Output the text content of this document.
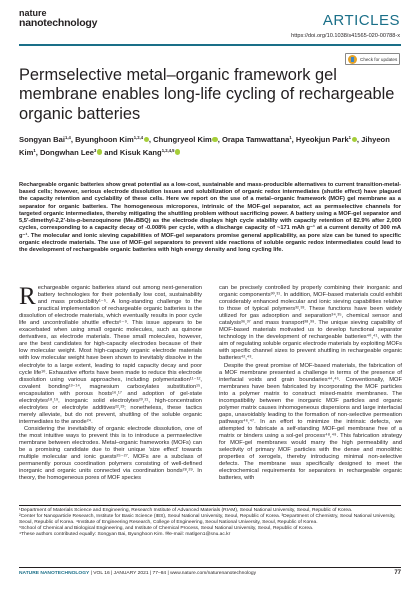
nature
nanotechnology	ARTICLES
https://doi.org/10.1038/s41565-020-00788-x
Check for updates
Permselective metal–organic framework gel membrane enables long-life cycling of rechargeable organic batteries
Songyan Bai$^{1,4}$, Byunghoon Kim$^{1,2,4}$ , Chungryeol Kim , Orapa Tamwattana$^1$, Hyeokjun Park$^1$ , Jihyeon Kim$^1$, Dongwhan Lee$^3$ and Kisuk Kang$^{1,2,4,5}$
Rechargeable organic batteries show great potential as a low-cost, sustainable and mass-producible alternatives to current transition-metal-based cells; however, serious electrode dissolution issues and solubilization of organic redox intermediates (shuttle effect) have plagued the capacity retention and cyclability of these cells. Here we report on the use of a metal–organic framework (MOF) gel membrane as a separator for organic batteries. The homogeneous micropores, intrinsic of the MOF-gel separator, act as permselective channels for targeted organic intermediates, thereby mitigating the shuttling problem without sacrificing power. A battery using a MOF-gel separator and 5,5′-dimethyl-2,2′-bis-p-benzoquinone (Me₂BBQ) as the electrode displays high cycle stability with capacity retention of 82.9% after 2,000 cycles, corresponding to a capacity decay of -0.008% per cycle, with a discharge capacity of ~171 mAh g⁻¹ at a current density of 300 mA g⁻¹. The molecular and ionic sieving capabilities of MOF-gel separators promise general applicability, as pore size can be tuned to specific organic electrode materials. The use of MOF-gel separators to prevent side reactions of soluble organic redox intermediates could lead to the development of rechargeable organic batteries with high energy density and long cycling life.

Rechargeable organic batteries stand out among next-generation battery technologies for their potentially low cost, sustainability and mass producibility¹⁻⁵. A long-standing challenge to the practical implementation of rechargeable organic batteries is the dissolution of electrode materials, which eventually results in poor cycle life and uncontrollable shuttle effects⁶⁻⁹. This issue appears to be exacerbated when using small organic molecules, such as quinone derivatives, as electrode materials. These small molecules, however, are the best candidates for high-capacity electrodes because of their low molecular weight. Most high-capacity organic electrode materials with low molecular weight have been shown to inevitably dissolve in the electrolyte to a large extent, leading to rapid capacity decay and poor cycle life¹⁰. Exhaustive efforts have been made to reduce this electrode dissolution using various approaches, including polymerization¹¹⁻¹², covalent bonding¹³⁻¹⁴, magnesium carboxylates substitution¹⁵, encapsulation with porous hosts¹⁶,¹⁷ and adoption of gel-state electrolytes¹⁸,¹⁹, inorganic solid electrolytes²⁰,²¹, high-concentration electrolytes or electrolyte additives²²,²³; nonetheless, these tactics merely alleviate, but do not prevent, shuttling of the soluble organic intermediates to the anode²⁴.

Considering the inevitability of organic electrode dissolution, one of the most intuitive ways to prevent this is to introduce a permselective membrane between electrodes. Metal–organic frameworks (MOFs) can be a promising candidate due to their unique 'size effect' towards multiple molecular and ionic guests²⁵⁻²⁷. MOFs are a subclass of permanently porous coordination polymers consisting of well-defined inorganic and organic units connected via coordination bonds²⁸,²⁹. In theory, the homogeneous pores of MOF species

can be precisely controlled by properly combining their inorganic and organic components³⁰,³¹. In addition, MOF-based materials could exhibit considerably enhanced molecular and ionic sieving capabilities relative to those of typical polymers³²,³³. These functions have been widely utilized for gas adsorption and separation³⁴,³⁵, chemical sensor and catalysis³⁶,³⁷ and mass transport³⁸,³⁹. The unique sieving capability of MOF-based materials motivated us to develop functional separator technology in the development of rechargeable batteries⁴⁰,⁴¹, with the aim of regulating soluble organic electrode materials by exploiting MOFs with specific channel sizes to prevent shuttling in rechargeable organic batteries⁴²,⁴³.

Despite the great promise of MOF-based materials, the fabrication of a MOF membrane presented a challenge in terms of the presence of interfacial voids and grain boundaries⁴⁴,⁴⁵. Conventionally, MOF membranes have been fabricated by incorporating the MOF particles into a polymer matrix to construct mixed-matrix membranes. The incompatibility between the inorganic MOF particles and organic polymer matrix causes inhomogeneous dispersions and large interfacial gaps, unavoidably leading to the formation of non-selective permeation pathways⁴⁶,⁴⁷. In an effort to minimize the intrinsic defects, we attempted to fabricate a self-standing MOF-gel membrane free of a matrix or binders using a sol-gel process⁴⁸,⁴⁹. This fabrication strategy for MOF-gel membranes would marry the high permeability and selectivity of primary MOF particles with the dense and monolithic properties of xerogels, thereby introducing minimal non-selective defects. The membrane was specifically designed to meet the electrochemical requirements for separators in rechargeable organic batteries, with

¹Department of Materials Science and Engineering, Research Institute of Advanced Materials (RIAM), Seoul National University, Seoul, Republic of Korea.
²Center for Nanoparticle Research, Institute for Basic Science (IBS), Seoul National University, Seoul, Republic of Korea. ³Department of Chemistry, Seoul National University, Seoul, Republic of Korea. ⁴Institute of Engineering Research, College of Engineering, Seoul National University, Seoul, Republic of Korea.
⁵School of Chemical and Biological Engineering, and Institute of Chemical Process, Seoul National University, Seoul, Republic of Korea.
⁴These authors contributed equally: Songyan Bai, Byunghoon Kim. ✉e-mail: matlgen1@snu.ac.kr
NATURE NANOTECHNOLOGY | VOL 16 | JANUARY 2021 | 77–84 | www.nature.com/naturenanotechnology	77
